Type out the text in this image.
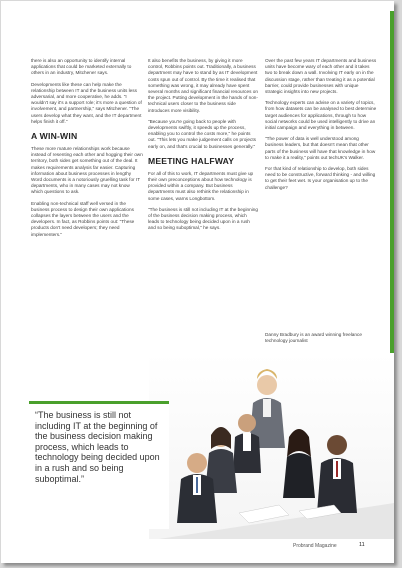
there is also an opportunity to identify internal applications that could be marketed externally to others in an industry, Mitchener says.

Developments like these can help make the relationship between IT and the business units less adversarial, and more cooperative, he adds. "I wouldn't say it's a support role; it's more a question of involvement, and partnership," says Mitchener. "The users develop what they want, and the IT department helps finish it off."

A WIN-WIN

These more mature relationships work because instead of resenting each other and hogging their own territory, both sides get something out of the deal. It makes requirements analysis far easier. Capturing information about business processes in lengthy Word documents is a notoriously gruelling task for IT departments, who in many cases may not know which questions to ask.

Enabling non-technical staff well versed in the business process to design their own applications collapses the layers between the users and the developers. In fact, as Robbins points out: "These products don't need developers; they need implementers."

It also benefits the business, by giving it more control, Robbins points out. Traditionally, a business department may have to stand by as IT development costs spun out of control. By the time it realised that something was wrong, it may already have spent several months and significant financial resources on the project. Putting development in the hands of non-technical users closer to the business side introduces more visibility.

"Because you're going back to people with developments swiftly, it speeds up the process, enabling you to control the costs more," he points out. "This lets you make judgement calls on projects early on, and that's crucial to businesses generally."

MEETING HALFWAY

For all of this to work, IT departments must give up their own preconceptions about how technology is provided within a company. But business departments must also rethink the relationship in some cases, warns Longbottom.

"The business is still not including IT at the beginning of the business decision making process, which leads to technology being decided upon in a rush and so being suboptimal," he says.

Over the past few years IT departments and business units have become wary of each other and it takes two to break down a wall. Involving IT early on in the discussion stage, rather than treating it as a potential barrier, could provide businesses with unique strategic insights into new projects.

Technology experts can advise on a variety of topics, from how datasets can be analysed to best determine target audiences for applications, through to how social networks could be used intelligently to drive an initial campaign and everything in between.

"The power of data is well understood among business leaders, but that doesn't mean that other parts of the business will have that knowledge in how to make it a reality," points out techUK's Walker.

For that kind of relationship to develop, both sides need to be constructive, forward thinking - and willing to get their feet wet. Is your organisation up to the challenge?

Danny Bradbury is an award winning freelance technology journalist
“The business is still not including IT at the beginning of the business decision making process, which leads to technology being decided upon in a rush and so being suboptimal.”
Probrand Magazine	11
